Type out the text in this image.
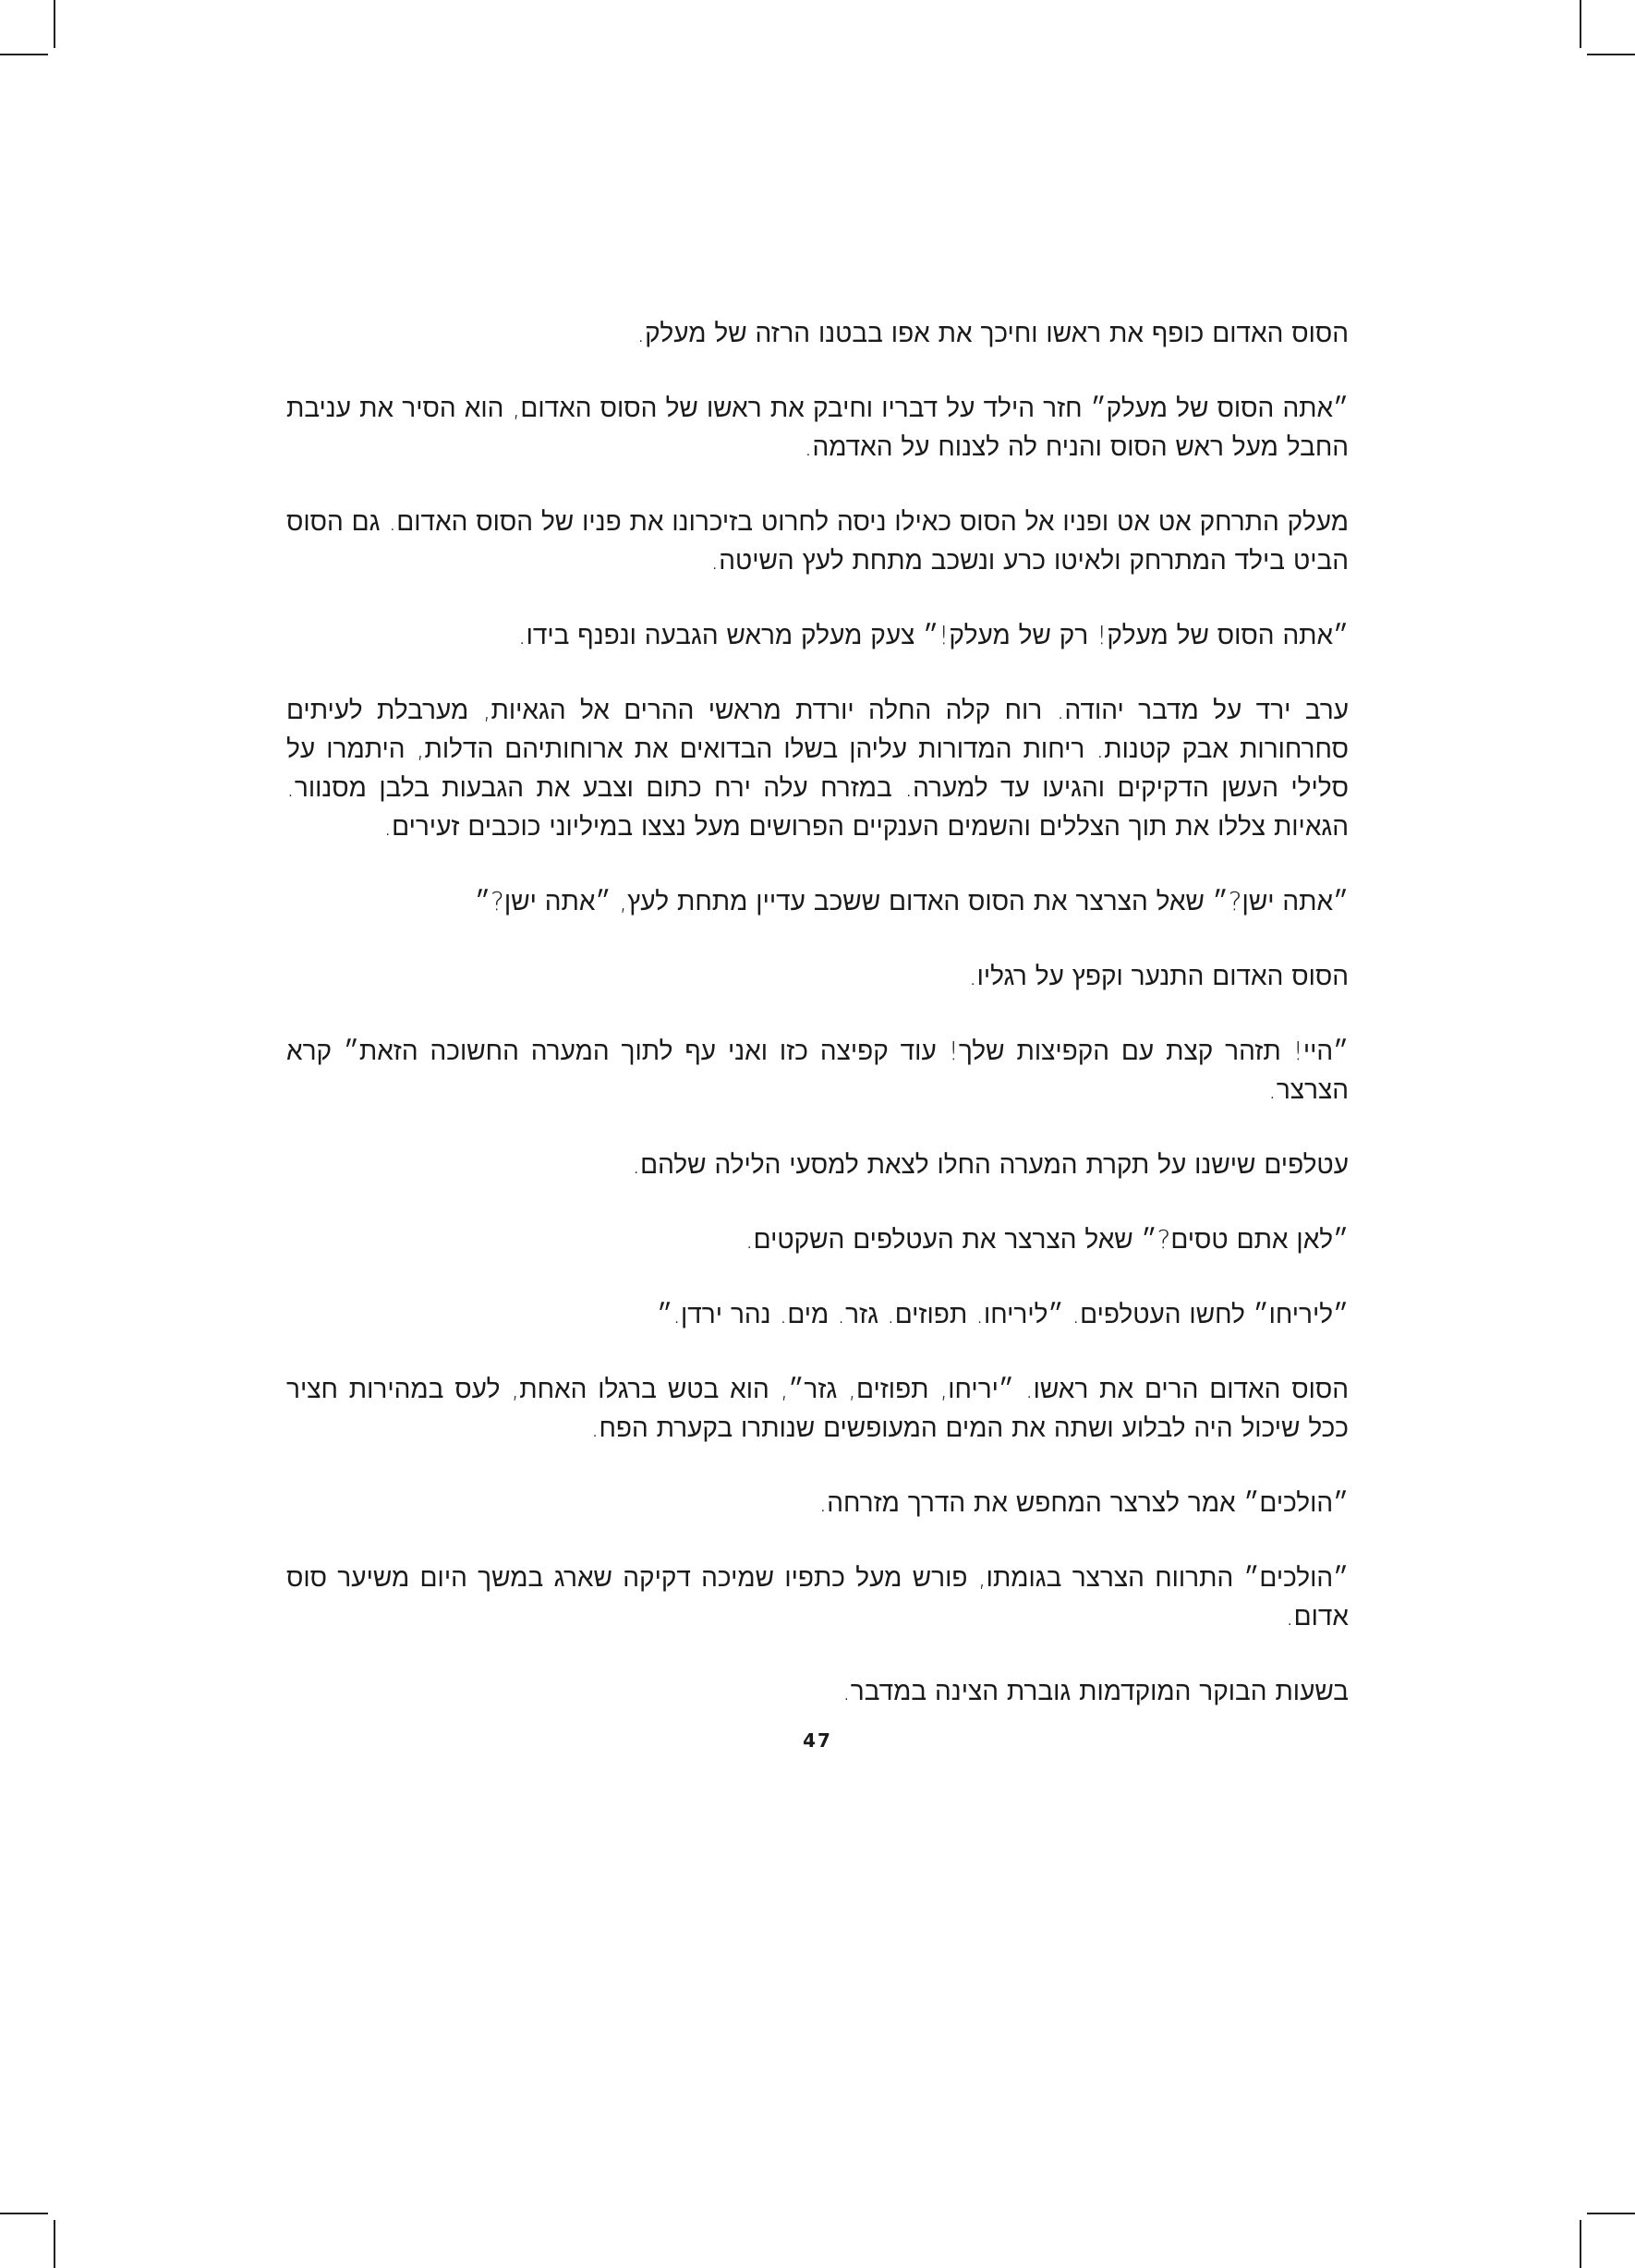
הסוס האדום כופף את ראשו וחיכך את אפו בבטנו הרזה של מעלק.

״אתה הסוס של מעלק״ חזר הילד על דבריו וחיבק את ראשו של הסוס האדום, הוא הסיר את עניבת החבל מעל ראש הסוס והניח לה לצנוח על האדמה.

מעלק התרחק אט אט ופניו אל הסוס כאילו ניסה לחרוט בזיכרונו את פניו של הסוס האדום. גם הסוס הביט בילד המתרחק ולאיטו כרע ונשכב מתחת לעץ השיטה.

״אתה הסוס של מעלק! רק של מעלק!״ צעק מעלק מראש הגבעה ונפנף בידו.

ערב ירד על מדבר יהודה. רוח קלה החלה יורדת מראשי ההרים אל הגאיות, מערבלת לעיתים סחרחורות אבק קטנות. ריחות המדורות עליהן בשלו הבדואים את ארוחותיהם הדלות, היתמרו על סלילי העשן הדקיקים והגיעו עד למערה. במזרח עלה ירח כתום וצבע את הגבעות בלבן מסנוור. הגאיות צללו את תוך הצללים והשמים הענקיים הפרושים מעל נצצו במיליוני כוכבים זעירים.

״אתה ישן?״ שאל הצרצר את הסוס האדום ששכב עדיין מתחת לעץ, ״אתה ישן?״

הסוס האדום התנער וקפץ על רגליו.

״היי! תזהר קצת עם הקפיצות שלך! עוד קפיצה כזו ואני עף לתוך המערה החשוכה הזאת״ קרא הצרצר.

עטלפים שישנו על תקרת המערה החלו לצאת למסעי הלילה שלהם.

״לאן אתם טסים?״ שאל הצרצר את העטלפים השקטים.

״ליריחו״ לחשו העטלפים. ״ליריחו. תפוזים. גזר. מים. נהר ירדן.״

הסוס האדום הרים את ראשו. ״יריחו, תפוזים, גזר״, הוא בטש ברגלו האחת, לעס במהירות חציר ככל שיכול היה לבלוע ושתה את המים המעופשים שנותרו בקערת הפח.

״הולכים״ אמר לצרצר המחפש את הדרך מזרחה.

״הולכים״ התרווח הצרצר בגומתו, פורש מעל כתפיו שמיכה דקיקה שארג במשך היום משיער סוס אדום.

בשעות הבוקר המוקדמות גוברת הצינה במדבר.

47
